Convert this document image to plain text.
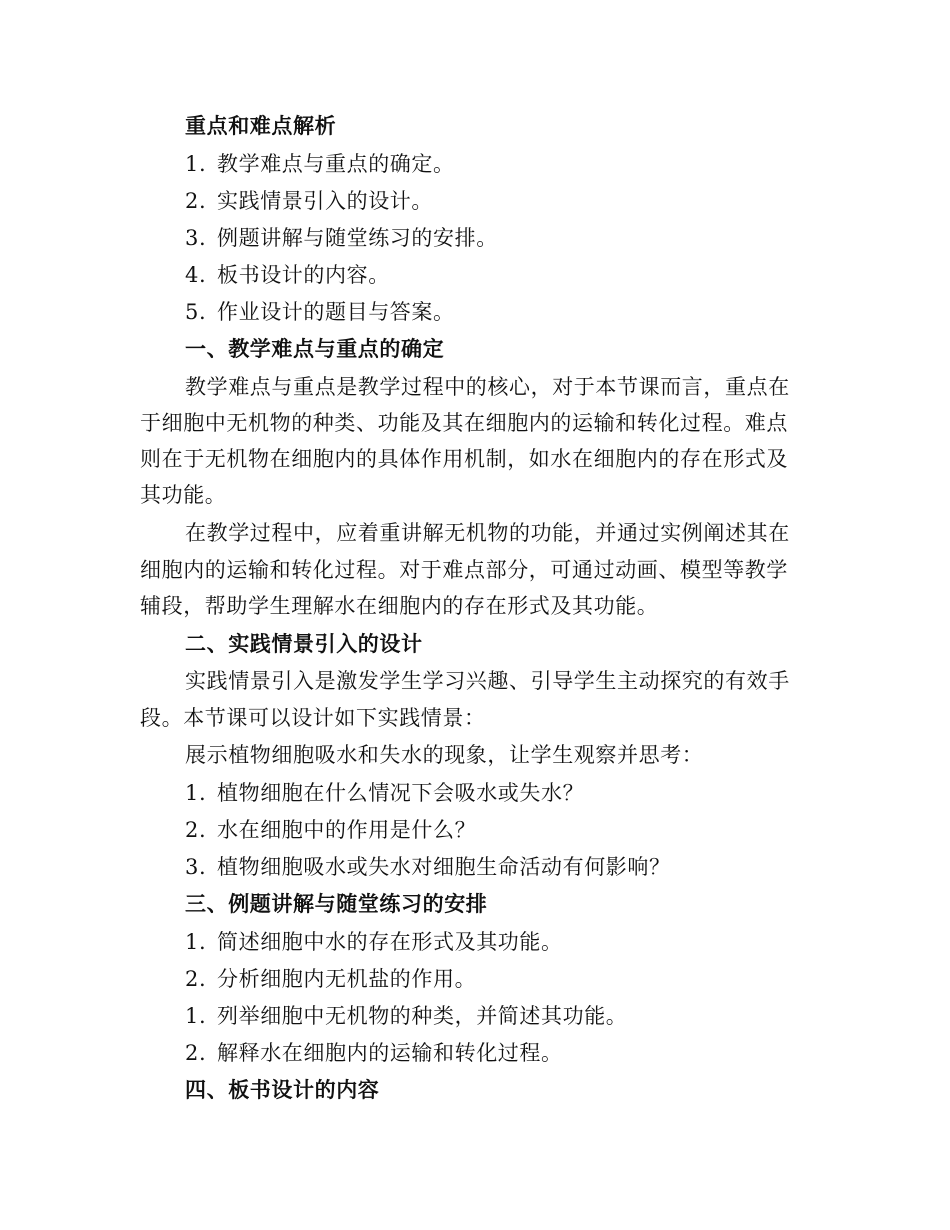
重点和难点解析
1. 教学难点与重点的确定。
2. 实践情景引入的设计。
3. 例题讲解与随堂练习的安排。
4. 板书设计的内容。
5. 作业设计的题目与答案。
一、教学难点与重点的确定
教学难点与重点是教学过程中的核心，对于本节课而言，重点在
于细胞中无机物的种类、功能及其在细胞内的运输和转化过程。难点
则在于无机物在细胞内的具体作用机制，如水在细胞内的存在形式及
其功能。
在教学过程中，应着重讲解无机物的功能，并通过实例阐述其在
细胞内的运输和转化过程。对于难点部分，可通过动画、模型等教学
辅段，帮助学生理解水在细胞内的存在形式及其功能。
二、实践情景引入的设计
实践情景引入是激发学生学习兴趣、引导学生主动探究的有效手
段。本节课可以设计如下实践情景：
展示植物细胞吸水和失水的现象，让学生观察并思考：
1. 植物细胞在什么情况下会吸水或失水？
2. 水在细胞中的作用是什么？
3. 植物细胞吸水或失水对细胞生命活动有何影响？
三、例题讲解与随堂练习的安排
1. 简述细胞中水的存在形式及其功能。
2. 分析细胞内无机盐的作用。
1. 列举细胞中无机物的种类，并简述其功能。
2. 解释水在细胞内的运输和转化过程。
四、板书设计的内容
